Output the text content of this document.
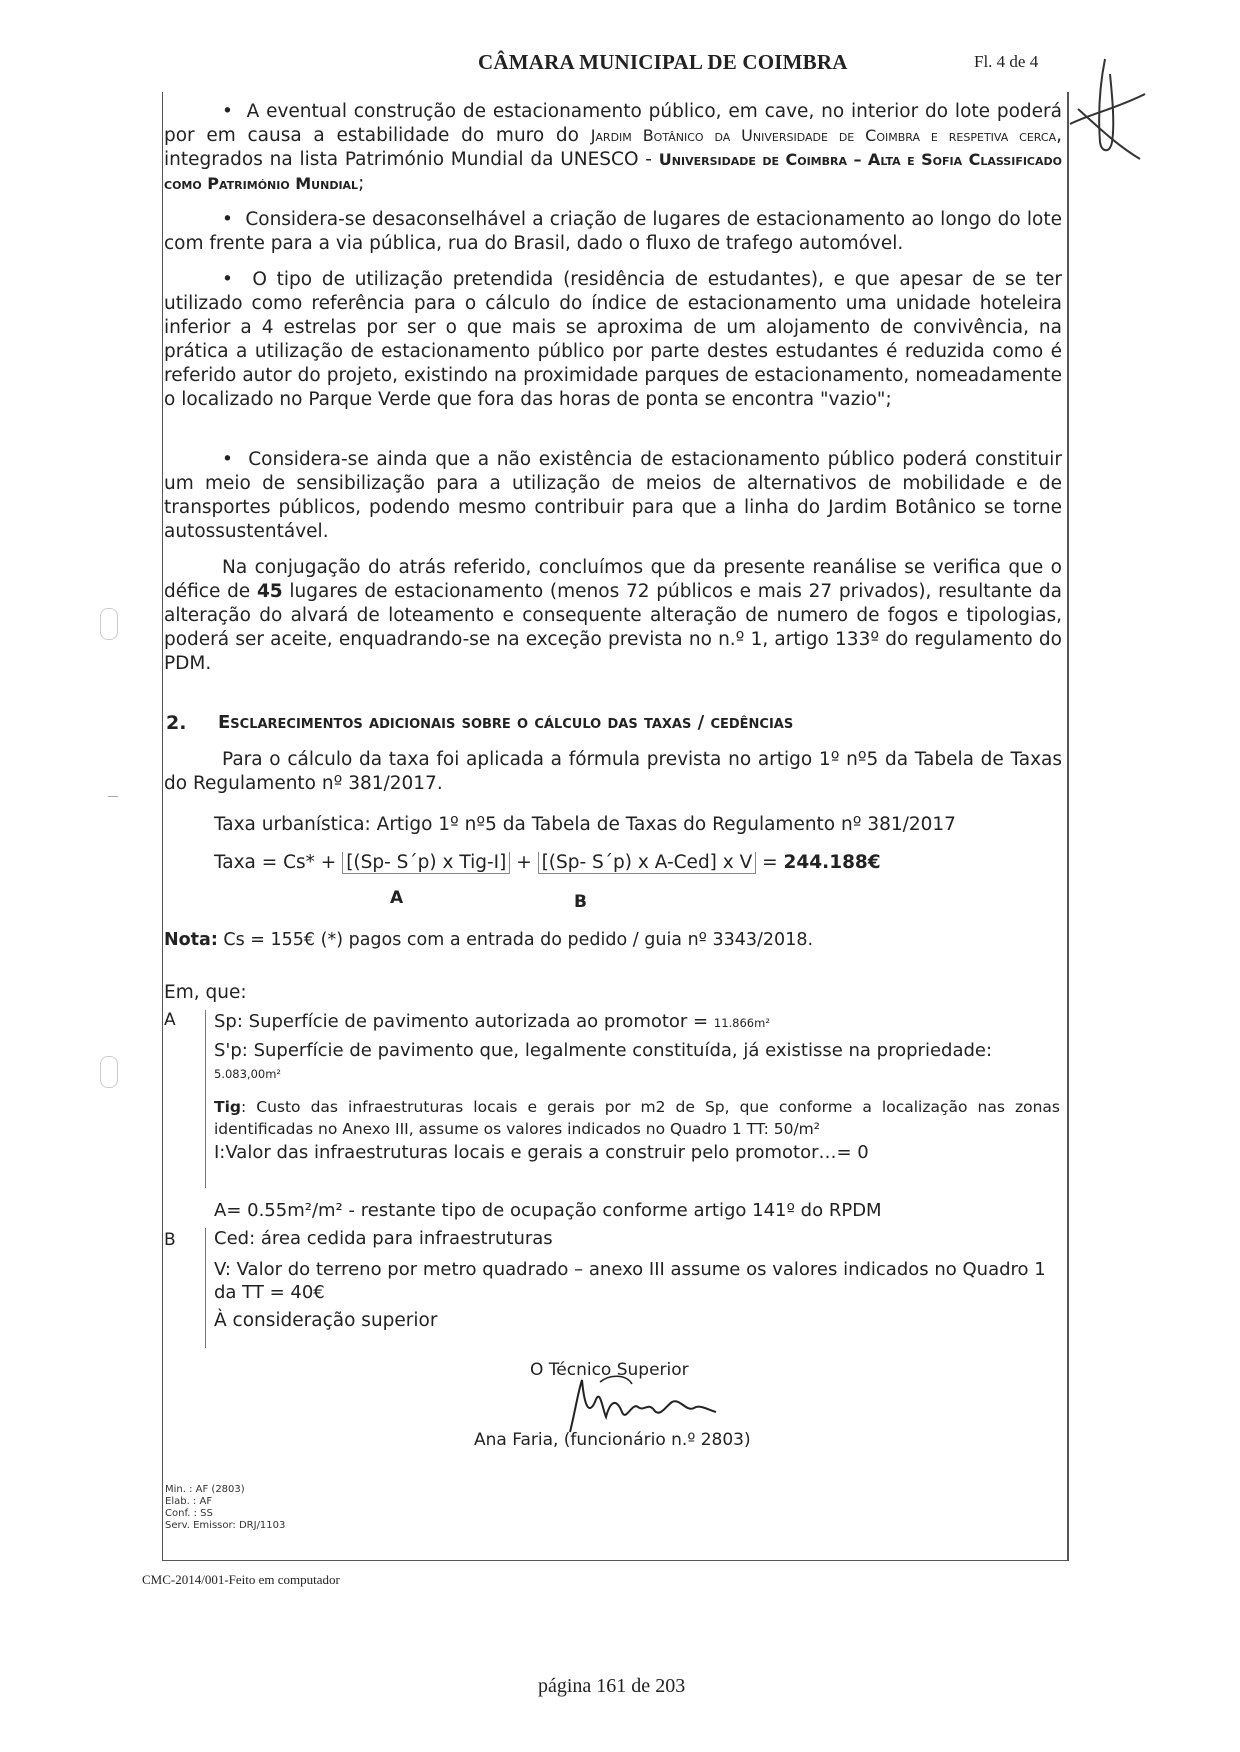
CÂMARA MUNICIPAL DE COIMBRA	Fl. 4 de 4
•  A eventual construção de estacionamento público, em cave, no interior do lote poderá por em causa a estabilidade do muro do Jardim Botânico da Universidade de Coimbra e respetiva cerca, integrados na lista Património Mundial da UNESCO - Universidade de Coimbra – Alta e Sofia Classificado como Património Mundial;
•  Considera-se desaconselhável a criação de lugares de estacionamento ao longo do lote com frente para a via pública, rua do Brasil, dado o fluxo de trafego automóvel.
•  O tipo de utilização pretendida (residência de estudantes), e que apesar de se ter utilizado como referência para o cálculo do índice de estacionamento uma unidade hoteleira inferior a 4 estrelas por ser o que mais se aproxima de um alojamento de convivência, na prática a utilização de estacionamento público por parte destes estudantes é reduzida como é referido autor do projeto, existindo na proximidade parques de estacionamento, nomeadamente o localizado no Parque Verde que fora das horas de ponta se encontra "vazio";
•  Considera-se ainda que a não existência de estacionamento público poderá constituir um meio de sensibilização para a utilização de meios de alternativos de mobilidade e de transportes públicos, podendo mesmo contribuir para que a linha do Jardim Botânico se torne autossustentável.
Na conjugação do atrás referido, concluímos que da presente reanálise se verifica que o défice de 45 lugares de estacionamento (menos 72 públicos e mais 27 privados), resultante da alteração do alvará de loteamento e consequente alteração de numero de fogos e tipologias, poderá ser aceite, enquadrando-se na exceção prevista no n.º 1, artigo 133º do regulamento do PDM.
2. Esclarecimentos adicionais sobre o cálculo das taxas / cedências
Para o cálculo da taxa foi aplicada a fórmula prevista no artigo 1º nº5 da Tabela de Taxas do Regulamento nº 381/2017.
Taxa urbanística: Artigo 1º nº5 da Tabela de Taxas do Regulamento nº 381/2017
Taxa = Cs* + [(Sp- S´p) x Tig-I] + [(Sp- S´p) x A-Ced] x V = 244.188€
A	B
Nota: Cs = 155€ (*) pagos com a entrada do pedido / guia nº 3343/2018.
Em, que:
A Sp: Superfície de pavimento autorizada ao promotor = 11.866m²
S'p: Superfície de pavimento que, legalmente constituída, já existisse na propriedade:
5.083,00m²
Tig: Custo das infraestruturas locais e gerais por m2 de Sp, que conforme a localização nas zonas identificadas no Anexo III, assume os valores indicados no Quadro 1 TT: 50/m²
I:Valor das infraestruturas locais e gerais a construir pelo promotor…= 0
A= 0.55m²/m² - restante tipo de ocupação conforme artigo 141º do RPDM
B Ced: área cedida para infraestruturas
V: Valor do terreno por metro quadrado – anexo III assume os valores indicados no Quadro 1 da TT = 40€
À consideração superior
O Técnico Superior
Ana Faria, (funcionário n.º 2803)
Min. : AF (2803)
Elab. : AF
Conf. : SS
Serv. Emissor: DRJ/1103
CMC-2014/001-Feito em computador
página 161 de 203
